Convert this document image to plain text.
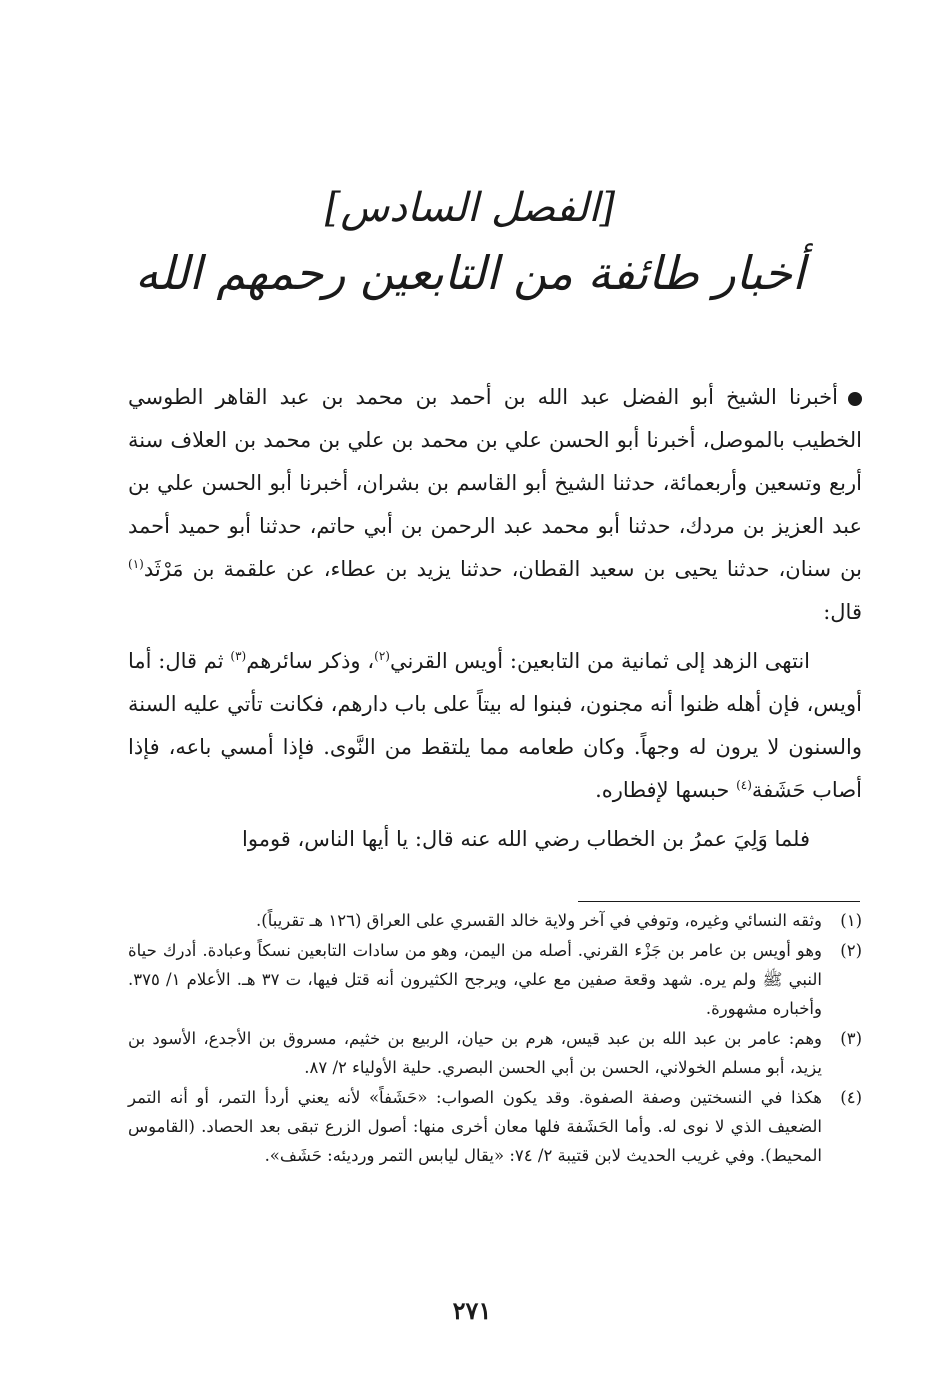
[الفصل السادس]
أخبار طائفة من التابعين رحمهم الله

أخبرنا الشيخ أبو الفضل عبد الله بن أحمد بن محمد بن عبد القاهر الطوسي الخطيب بالموصل، أخبرنا أبو الحسن علي بن محمد بن علي بن محمد بن العلاف سنة أربع وتسعين وأربعمائة، حدثنا الشيخ أبو القاسم بن بشران، أخبرنا أبو الحسن علي بن عبد العزيز بن مردك، حدثنا أبو محمد عبد الرحمن بن أبي حاتم، حدثنا أبو حميد أحمد بن سنان، حدثنا يحيى بن سعيد القطان، حدثنا يزيد بن عطاء، عن علقمة بن مَرْثَد$^{(١)}$ قال:

انتهى الزهد إلى ثمانية من التابعين: أويس القرني$^{(٢)}$، وذكر سائرهم$^{(٣)}$ ثم قال: أما أويس، فإن أهله ظنوا أنه مجنون، فبنوا له بيتاً على باب دارهم، فكانت تأتي عليه السنة والسنون لا يرون له وجهاً. وكان طعامه مما يلتقط من النَّوى. فإذا أمسي باعه، فإذا أصاب حَشَفة$^{(٤)}$ حبسها لإفطاره.

فلما وَلِيَ عمرُ بن الخطاب رضي الله عنه قال: يا أيها الناس، قوموا

(١)
وثقه النسائي وغيره، وتوفي في آخر ولاية خالد القسري على العراق (١٢٦ هـ تقريباً).
(٢)
وهو أويس بن عامر بن جَزْء القرني. أصله من اليمن، وهو من سادات التابعين نسكاً وعبادة. أدرك حياة النبي ﷺ ولم يره. شهد وقعة صفين مع علي، ويرجح الكثيرون أنه قتل فيها، ت ٣٧ هـ. الأعلام ١/ ٣٧٥. وأخباره مشهورة.
(٣)
وهم: عامر بن عبد الله بن عبد قيس، هرم بن حيان، الربيع بن خثيم، مسروق بن الأجدع، الأسود بن يزيد، أبو مسلم الخولاني، الحسن بن أبي الحسن البصري. حلية الأولياء ٢/ ٨٧.
(٤)
هكذا في النسختين وصفة الصفوة. وقد يكون الصواب: «حَشَفاً» لأنه يعني أردأ التمر، أو أنه التمر الضعيف الذي لا نوى له. وأما الحَشَفة فلها معان أخرى منها: أصول الزرع تبقى بعد الحصاد. (القاموس المحيط). وفي غريب الحديث لابن قتيبة ٢/ ٧٤: «يقال ليابس التمر ورديئه: حَشَف».
٢٧١
